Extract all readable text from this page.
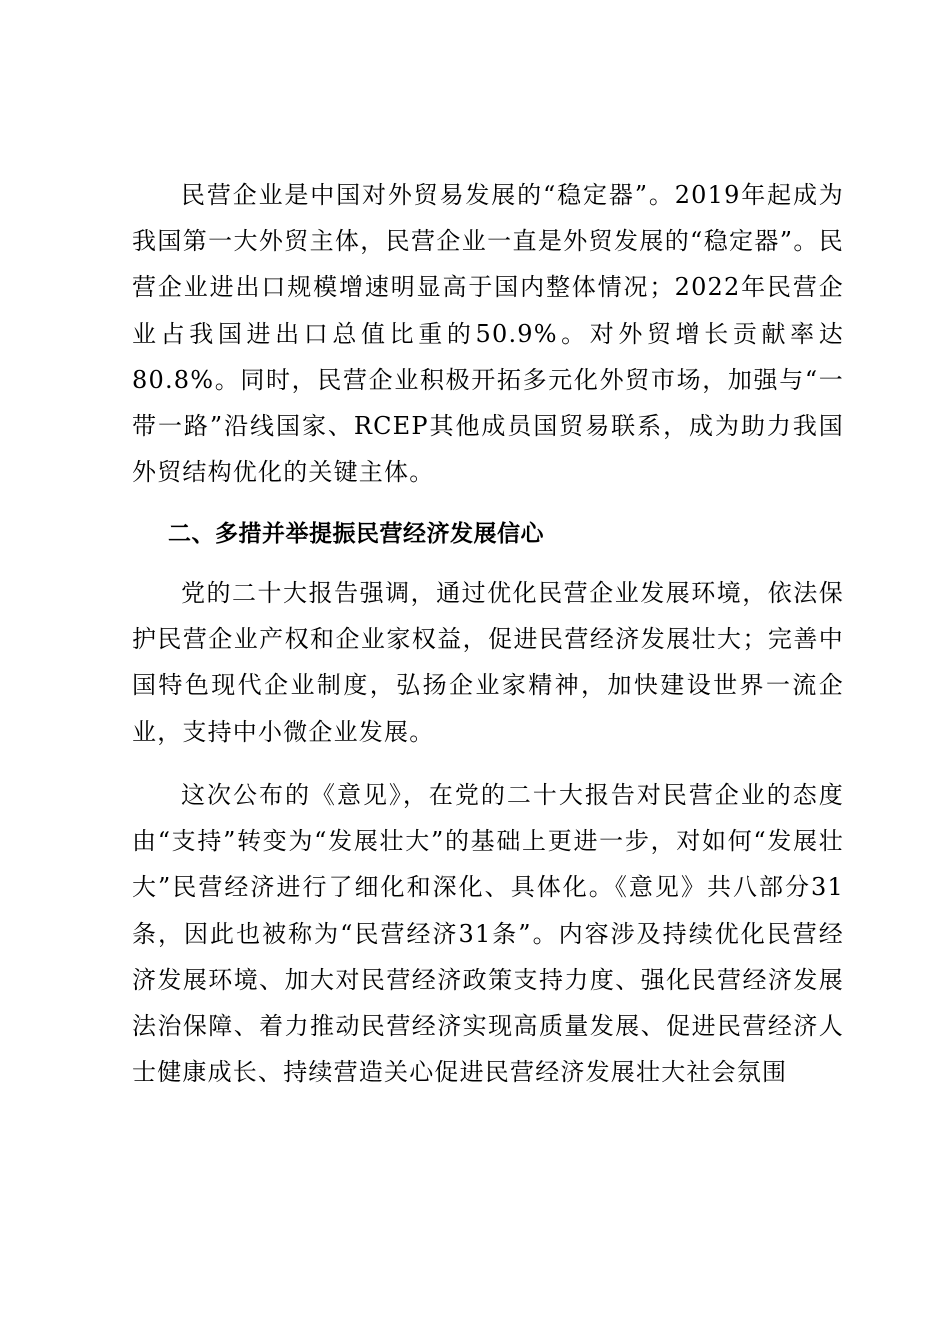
民营企业是中国对外贸易发展的“稳定器”。2019年起成为我国第一大外贸主体，民营企业一直是外贸发展的“稳定器”。民营企业进出口规模增速明显高于国内整体情况；2022年民营企业占我国进出口总值比重的50.9%。对外贸增长贡献率达80.8%。同时，民营企业积极开拓多元化外贸市场，加强与“一带一路”沿线国家、RCEP其他成员国贸易联系，成为助力我国外贸结构优化的关键主体。

二、多措并举提振民营经济发展信心

党的二十大报告强调，通过优化民营企业发展环境，依法保护民营企业产权和企业家权益，促进民营经济发展壮大；完善中国特色现代企业制度，弘扬企业家精神，加快建设世界一流企业，支持中小微企业发展。

这次公布的《意见》，在党的二十大报告对民营企业的态度由“支持”转变为“发展壮大”的基础上更进一步，对如何“发展壮大”民营经济进行了细化和深化、具体化。《意见》共八部分31条，因此也被称为“民营经济31条”。内容涉及持续优化民营经济发展环境、加大对民营经济政策支持力度、强化民营经济发展法治保障、着力推动民营经济实现高质量发展、促进民营经济人士健康成长、持续营造关心促进民营经济发展壮大社会氛围
